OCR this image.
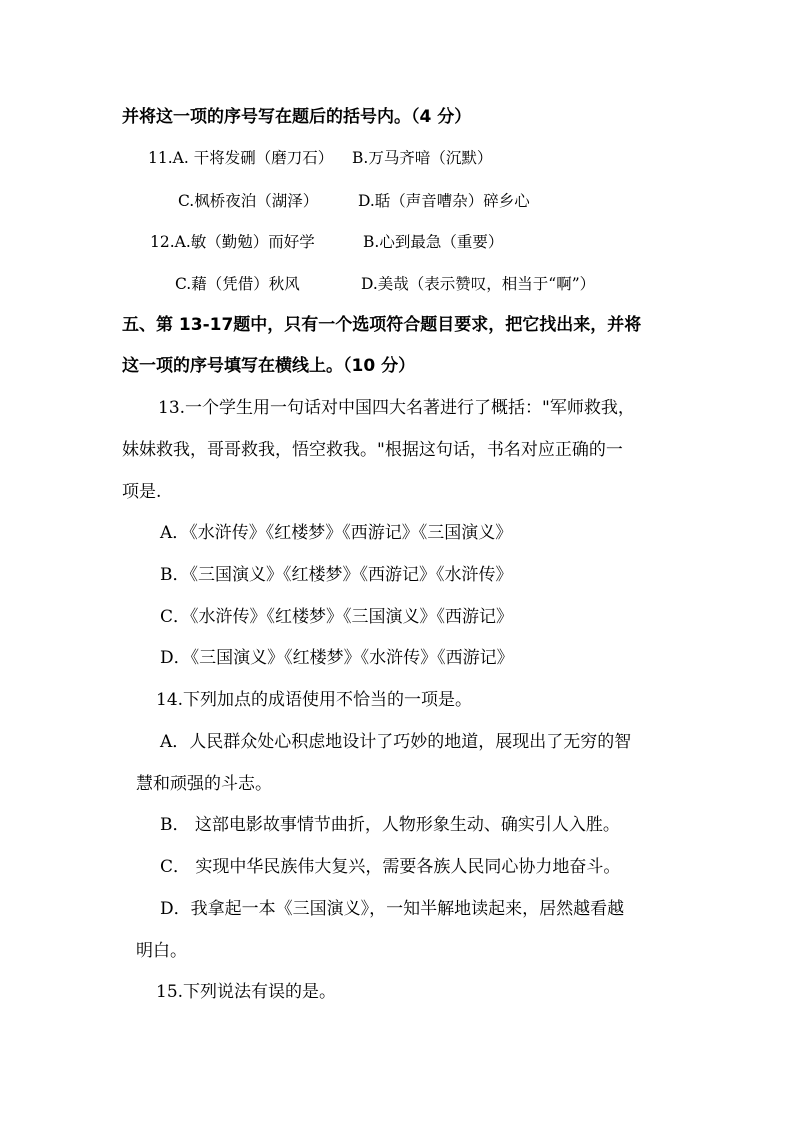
并将这一项的序号写在题后的括号内。（4 分）
11.A. 干将发硎（磨刀石） B.万马齐喑（沉默）
C.枫桥夜泊（湖泽）	D.聒（声音嘈杂）碎乡心
12.A.敏（勤勉）而好学	B.心到最急（重要）
C.藉（凭借）秋风	D.美哉（表示赞叹，相当于“啊”）
五、第 13-17题中，只有一个选项符合题目要求，把它找出来，并将
这一项的序号填写在横线上。（10 分）
13.一个学生用一句话对中国四大名著进行了概括："军师救我，
妹妹救我，哥哥救我，悟空救我。"根据这句话，书名对应正确的一
项是.
A．《水浒传》《红楼梦》《西游记》《三国演义》
B．《三国演义》《红楼梦》《西游记》《水浒传》
C．《水浒传》《红楼梦》《三国演义》《西游记》
D．《三国演义》《红楼梦》《水浒传》《西游记》
14.下列加点的成语使用不恰当的一项是。
A．人民群众处心积虑地设计了巧妙的地道，展现出了无穷的智
慧和顽强的斗志。
B． 这部电影故事情节曲折，人物形象生动、确实引人入胜。
C． 实现中华民族伟大复兴，需要各族人民同心协力地奋斗。
D．我拿起一本《三国演义》，一知半解地读起来，居然越看越
明白。
15.下列说法有误的是。
